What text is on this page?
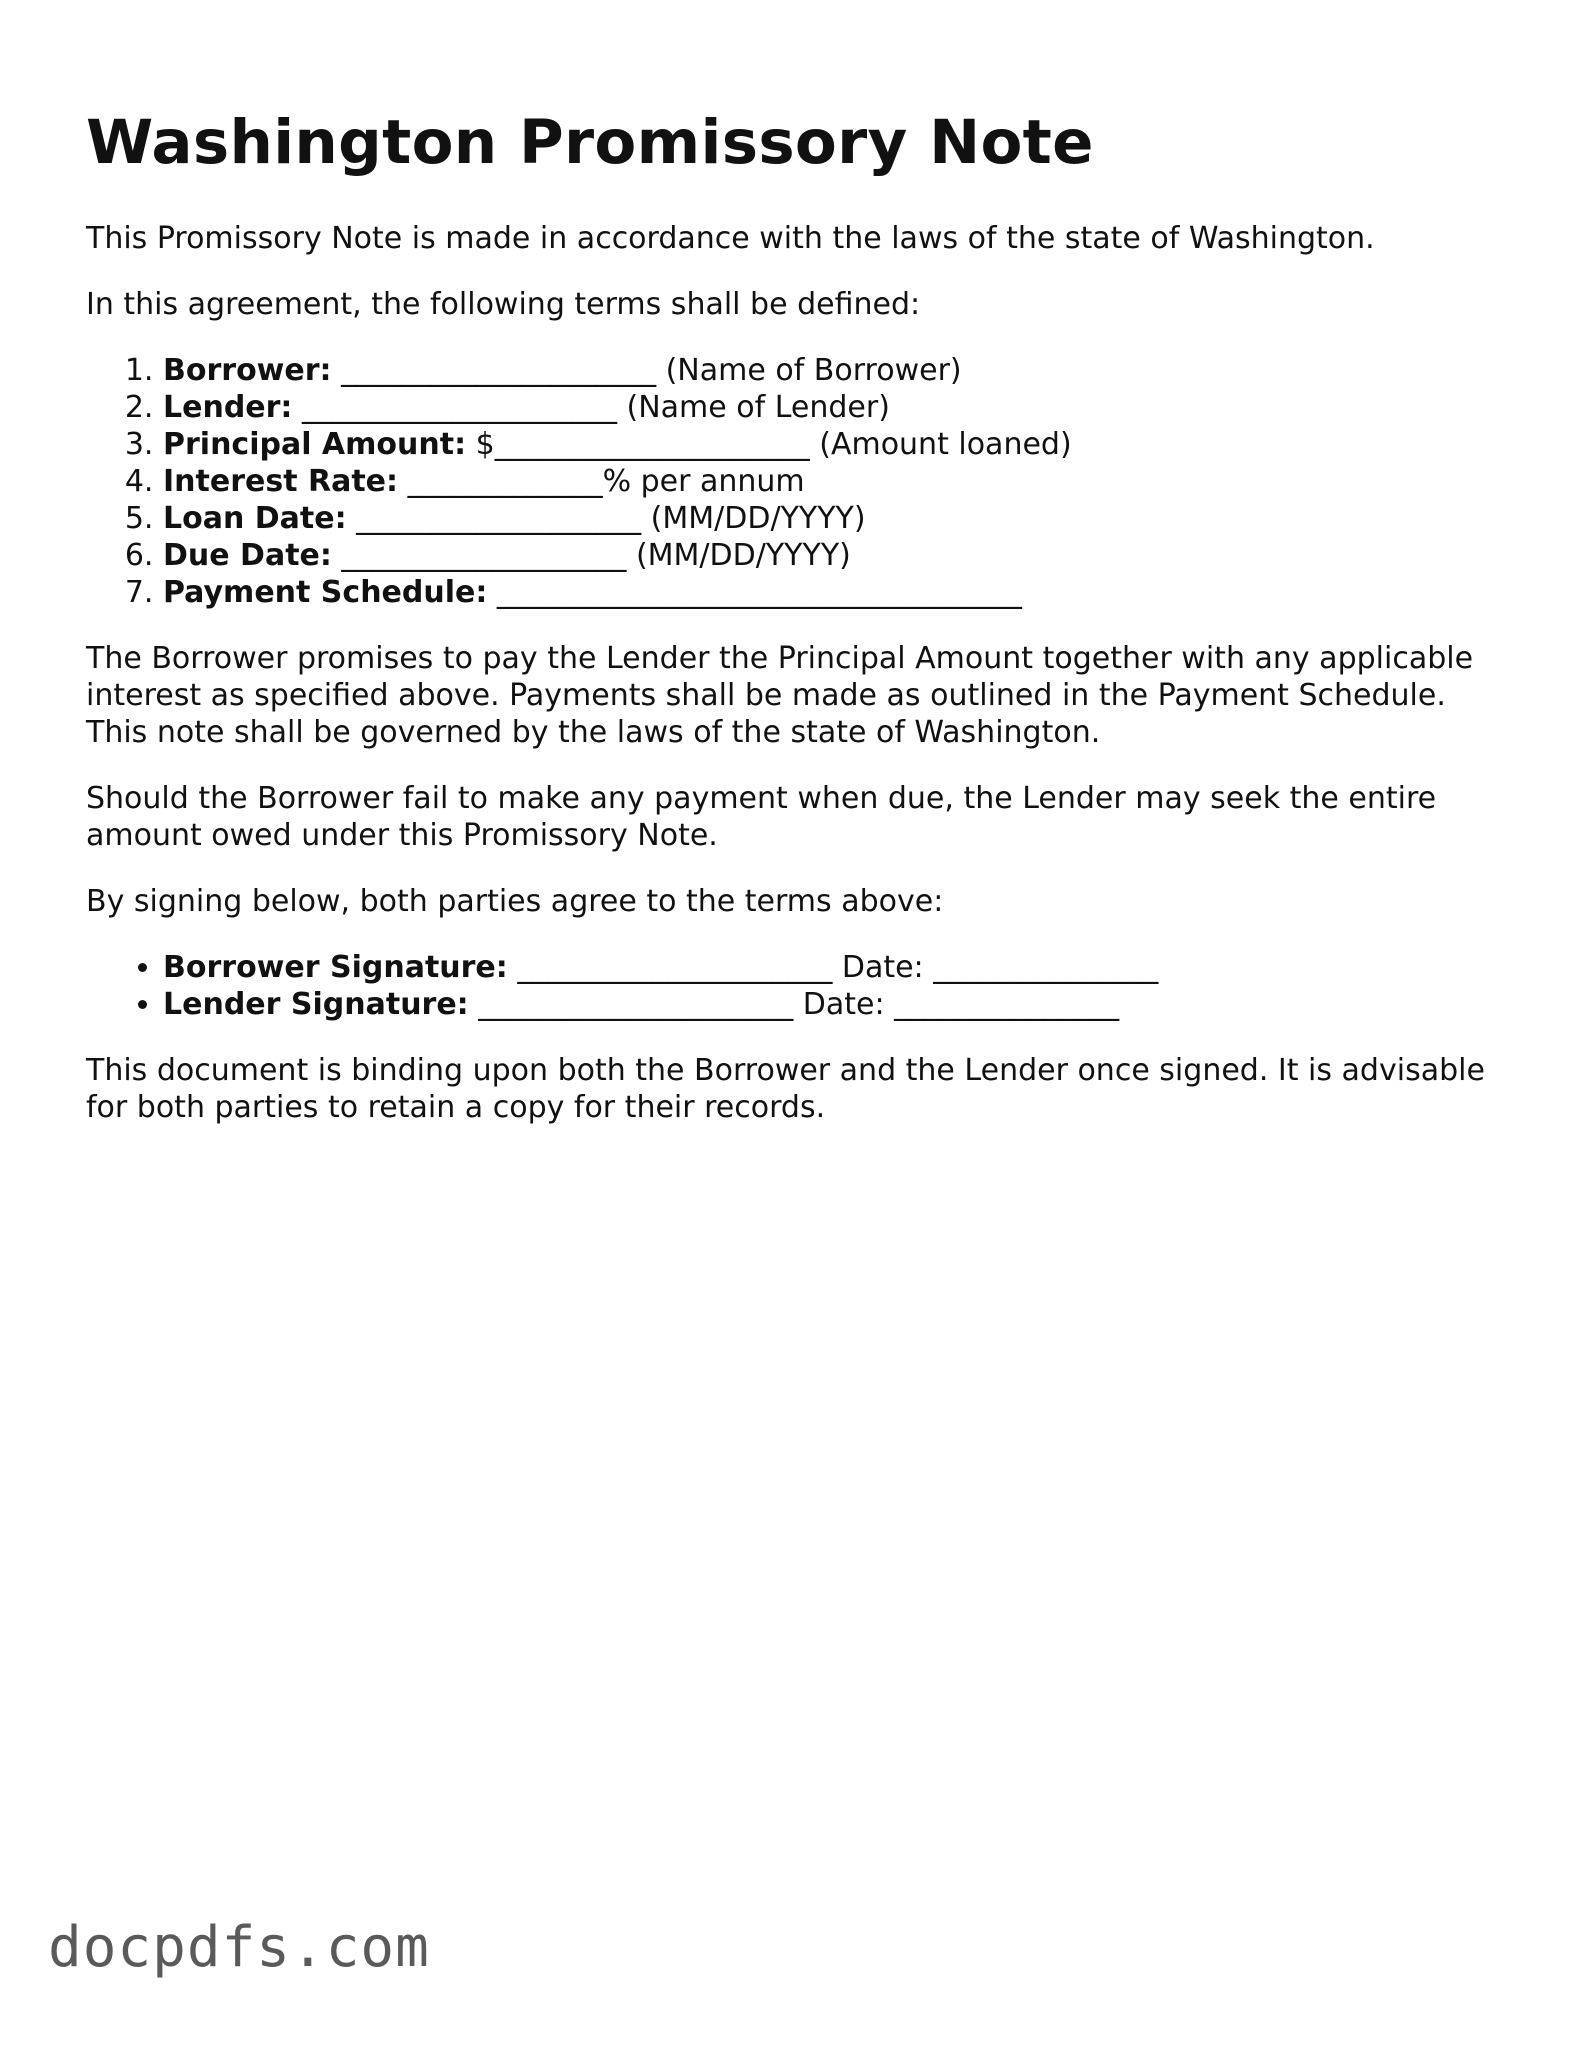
Washington Promissory Note

This Promissory Note is made in accordance with the laws of the state of Washington.

In this agreement, the following terms shall be defined:

1. Borrower: _____________________ (Name of Borrower)
2. Lender: _____________________ (Name of Lender)
3. Principal Amount: $_____________________ (Amount loaned)
4. Interest Rate: _____________% per annum
5. Loan Date: ___________________ (MM/DD/YYYY)
6. Due Date: ___________________ (MM/DD/YYYY)
7. Payment Schedule: ___________________________________

The Borrower promises to pay the Lender the Principal Amount together with any applicable interest as specified above. Payments shall be made as outlined in the Payment Schedule. This note shall be governed by the laws of the state of Washington.

Should the Borrower fail to make any payment when due, the Lender may seek the entire amount owed under this Promissory Note.

By signing below, both parties agree to the terms above:

• Borrower Signature: _____________________ Date: _______________
• Lender Signature: _____________________ Date: _______________

This document is binding upon both the Borrower and the Lender once signed. It is advisable for both parties to retain a copy for their records.

docpdfs.com
